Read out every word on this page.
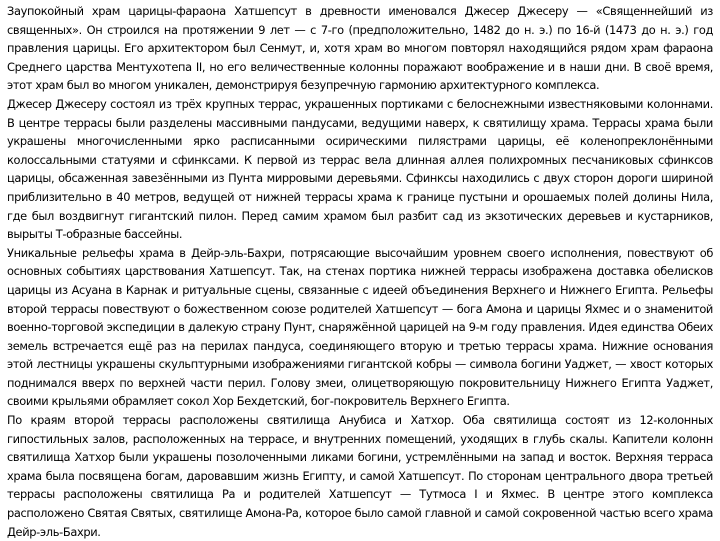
Заупокойный храм царицы-фараона Хатшепсут в древности именовался Джесер Джесеру — «Священнейший из священных». Он строился на протяжении 9 лет — с 7-го (предположительно, 1482 до н. э.) по 16-й (1473 до н. э.) год правления царицы. Его архитектором был Сенмут, и, хотя храм во многом повторял находящийся рядом храм фараона Среднего царства Ментухотепа II, но его величественные колонны поражают воображение и в наши дни. В своё время, этот храм был во многом уникален, демонстрируя безупречную гармонию архитектурного комплекса.

Джесер Джесеру состоял из трёх крупных террас, украшенных портиками с белоснежными известняковыми колоннами. В центре террасы были разделены массивными пандусами, ведущими наверх, к святилищу храма. Террасы храма были украшены многочисленными ярко расписанными осирическими пилястрами царицы, её коленопреклонёнными колоссальными статуями и сфинксами. К первой из террас вела длинная аллея полихромных песчаниковых сфинксов царицы, обсаженная завезёнными из Пунта мирровыми деревьями. Сфинксы находились с двух сторон дороги шириной приблизительно в 40 метров, ведущей от нижней террасы храма к границе пустыни и орошаемых полей долины Нила, где был воздвигнут гигантский пилон. Перед самим храмом был разбит сад из экзотических деревьев и кустарников, вырыты Т-образные бассейны.

Уникальные рельефы храма в Дейр-эль-Бахри, потрясающие высочайшим уровнем своего исполнения, повествуют об основных событиях царствования Хатшепсут. Так, на стенах портика нижней террасы изображена доставка обелисков царицы из Асуана в Карнак и ритуальные сцены, связанные с идеей объединения Верхнего и Нижнего Египта. Рельефы второй террасы повествуют о божественном союзе родителей Хатшепсут — бога Амона и царицы Яхмес и о знаменитой военно-торговой экспедиции в далекую страну Пунт, снаряжённой царицей на 9-м году правления. Идея единства Обеих земель встречается ещё раз на перилах пандуса, соединяющего вторую и третью террасы храма. Нижние основания этой лестницы украшены скульптурными изображениями гигантской кобры — символа богини Уаджет, — хвост которых поднимался вверх по верхней части перил. Голову змеи, олицетворяющую покровительницу Нижнего Египта Уаджет, своими крыльями обрамляет сокол Хор Бехдетский, бог-покровитель Верхнего Египта.

По краям второй террасы расположены святилища Анубиса и Хатхор. Оба святилища состоят из 12-колонных гипостильных залов, расположенных на террасе, и внутренних помещений, уходящих в глубь скалы. Капители колонн святилища Хатхор были украшены позолоченными ликами богини, устремлёнными на запад и восток. Верхняя терраса храма была посвящена богам, даровавшим жизнь Египту, и самой Хатшепсут. По сторонам центрального двора третьей террасы расположены святилища Ра и родителей Хатшепсут — Тутмоса I и Яхмес. В центре этого комплекса расположено Святая Святых, святилище Амона-Ра, которое было самой главной и самой сокровенной частью всего храма Дейр-эль-Бахри.
